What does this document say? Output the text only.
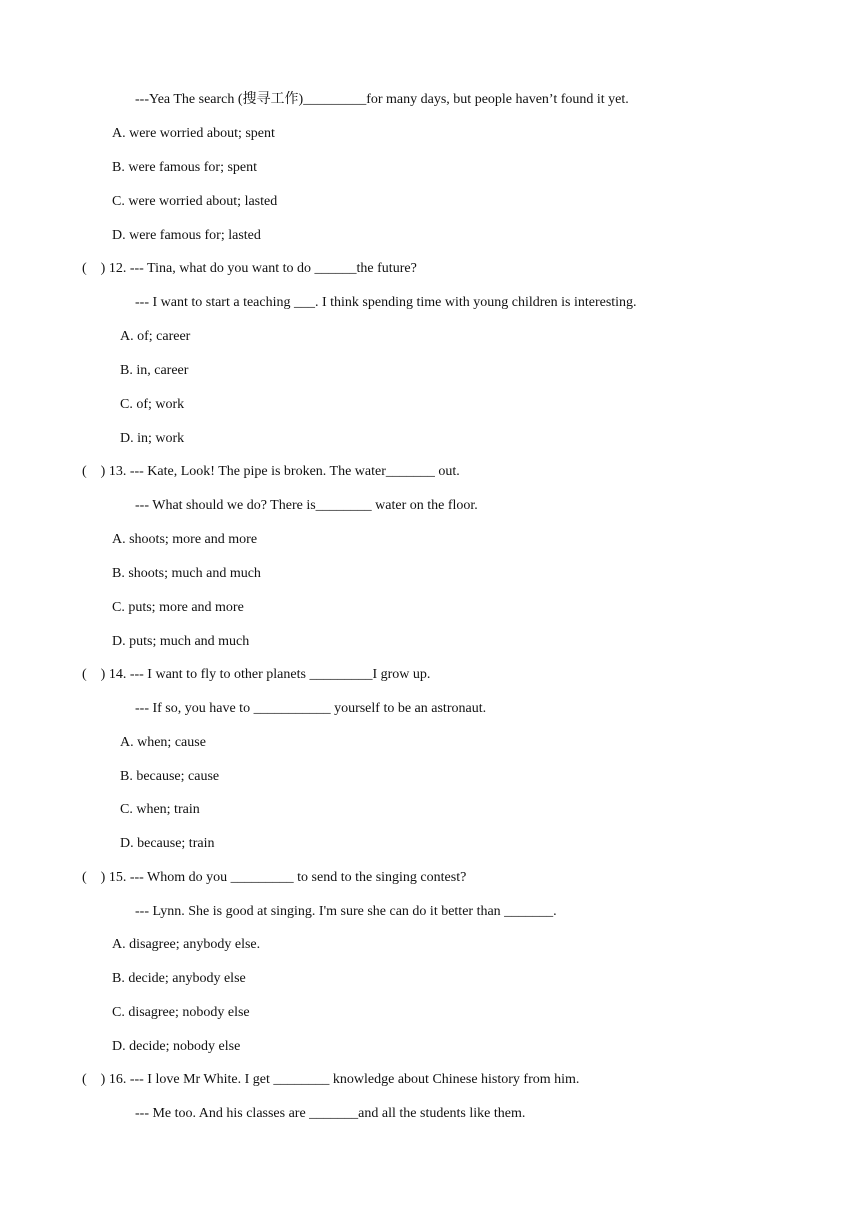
---Yea The search (搜寻工作)_________for many days, but people haven’t found it yet.
A. were worried about; spent
B. were famous for; spent
C. were worried about; lasted
D. were famous for; lasted
(    ) 12. --- Tina, what do you want to do ______the future?
--- I want to start a teaching ___. I think spending time with young children is interesting.
A. of; career
B. in, career
C. of; work
D. in; work
(    ) 13. --- Kate, Look! The pipe is broken. The water_______ out.
--- What should we do? There is________ water on the floor.
A. shoots; more and more
B. shoots; much and much
C. puts; more and more
D. puts; much and much
(    ) 14. --- I want to fly to other planets _________I grow up.
--- If so, you have to ___________ yourself to be an astronaut.
A. when; cause
B. because; cause
C. when; train
D. because; train
(    ) 15. --- Whom do you _________ to send to the singing contest?
--- Lynn. She is good at singing. I'm sure she can do it better than _______.
A. disagree; anybody else.
B. decide; anybody else
C. disagree; nobody else
D. decide; nobody else
(    ) 16. --- I love Mr White. I get ________ knowledge about Chinese history from him.
--- Me too. And his classes are _______and all the students like them.
